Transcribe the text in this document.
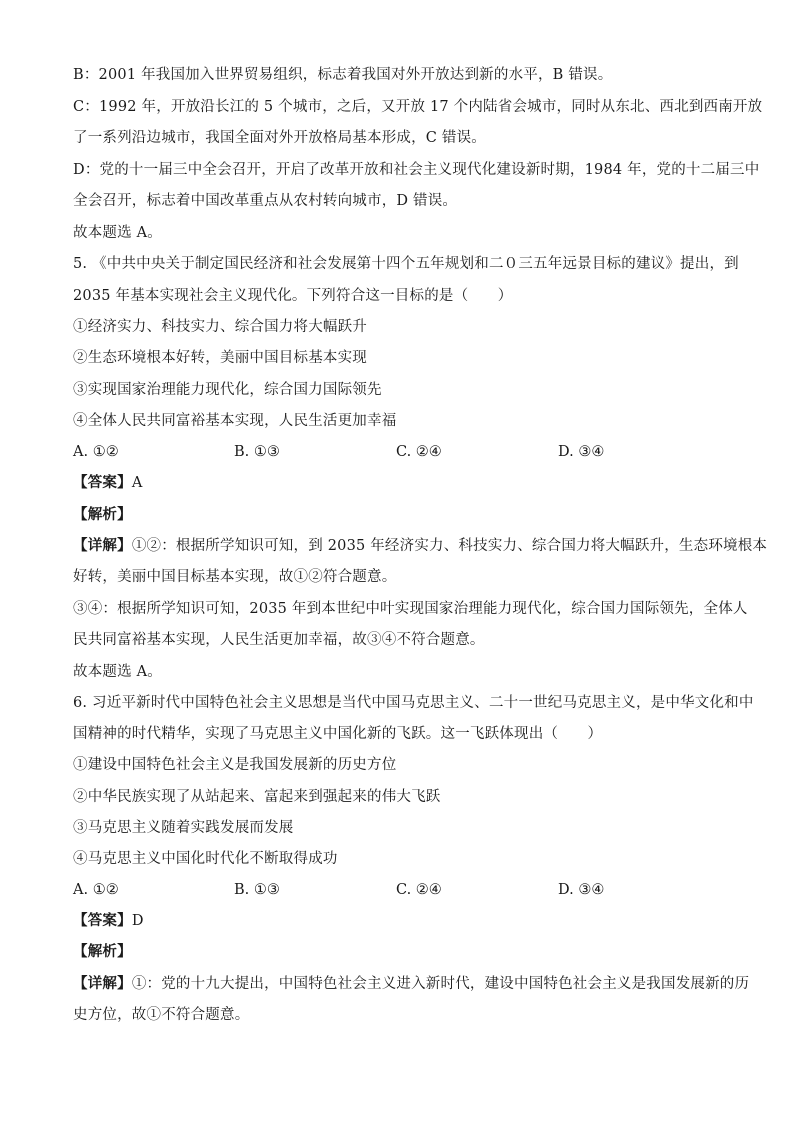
B：2001 年我国加入世界贸易组织，标志着我国对外开放达到新的水平，B 错误。
C：1992 年，开放沿长江的 5 个城市，之后，又开放 17 个内陆省会城市，同时从东北、西北到西南开放
了一系列沿边城市，我国全面对外开放格局基本形成，C 错误。
D：党的十一届三中全会召开，开启了改革开放和社会主义现代化建设新时期，1984 年，党的十二届三中
全会召开，标志着中国改革重点从农村转向城市，D 错误。
故本题选 A。
5. 《中共中央关于制定国民经济和社会发展第十四个五年规划和二０三五年远景目标的建议》提出，到
2035 年基本实现社会主义现代化。下列符合这一目标的是（　　）
①经济实力、科技实力、综合国力将大幅跃升
②生态环境根本好转，美丽中国目标基本实现
③实现国家治理能力现代化，综合国力国际领先
④全体人民共同富裕基本实现，人民生活更加幸福
A. ①②	B. ①③	C. ②④	D. ③④
【答案】A
【解析】
【详解】①②：根据所学知识可知，到 2035 年经济实力、科技实力、综合国力将大幅跃升，生态环境根本
好转，美丽中国目标基本实现，故①②符合题意。
③④：根据所学知识可知，2035 年到本世纪中叶实现国家治理能力现代化，综合国力国际领先，全体人
民共同富裕基本实现，人民生活更加幸福，故③④不符合题意。
故本题选 A。
6. 习近平新时代中国特色社会主义思想是当代中国马克思主义、二十一世纪马克思主义，是中华文化和中
国精神的时代精华，实现了马克思主义中国化新的飞跃。这一飞跃体现出（　　）
①建设中国特色社会主义是我国发展新的历史方位
②中华民族实现了从站起来、富起来到强起来的伟大飞跃
③马克思主义随着实践发展而发展
④马克思主义中国化时代化不断取得成功
A. ①②	B. ①③	C. ②④	D. ③④
【答案】D
【解析】
【详解】①：党的十九大提出，中国特色社会主义进入新时代，建设中国特色社会主义是我国发展新的历
史方位，故①不符合题意。
